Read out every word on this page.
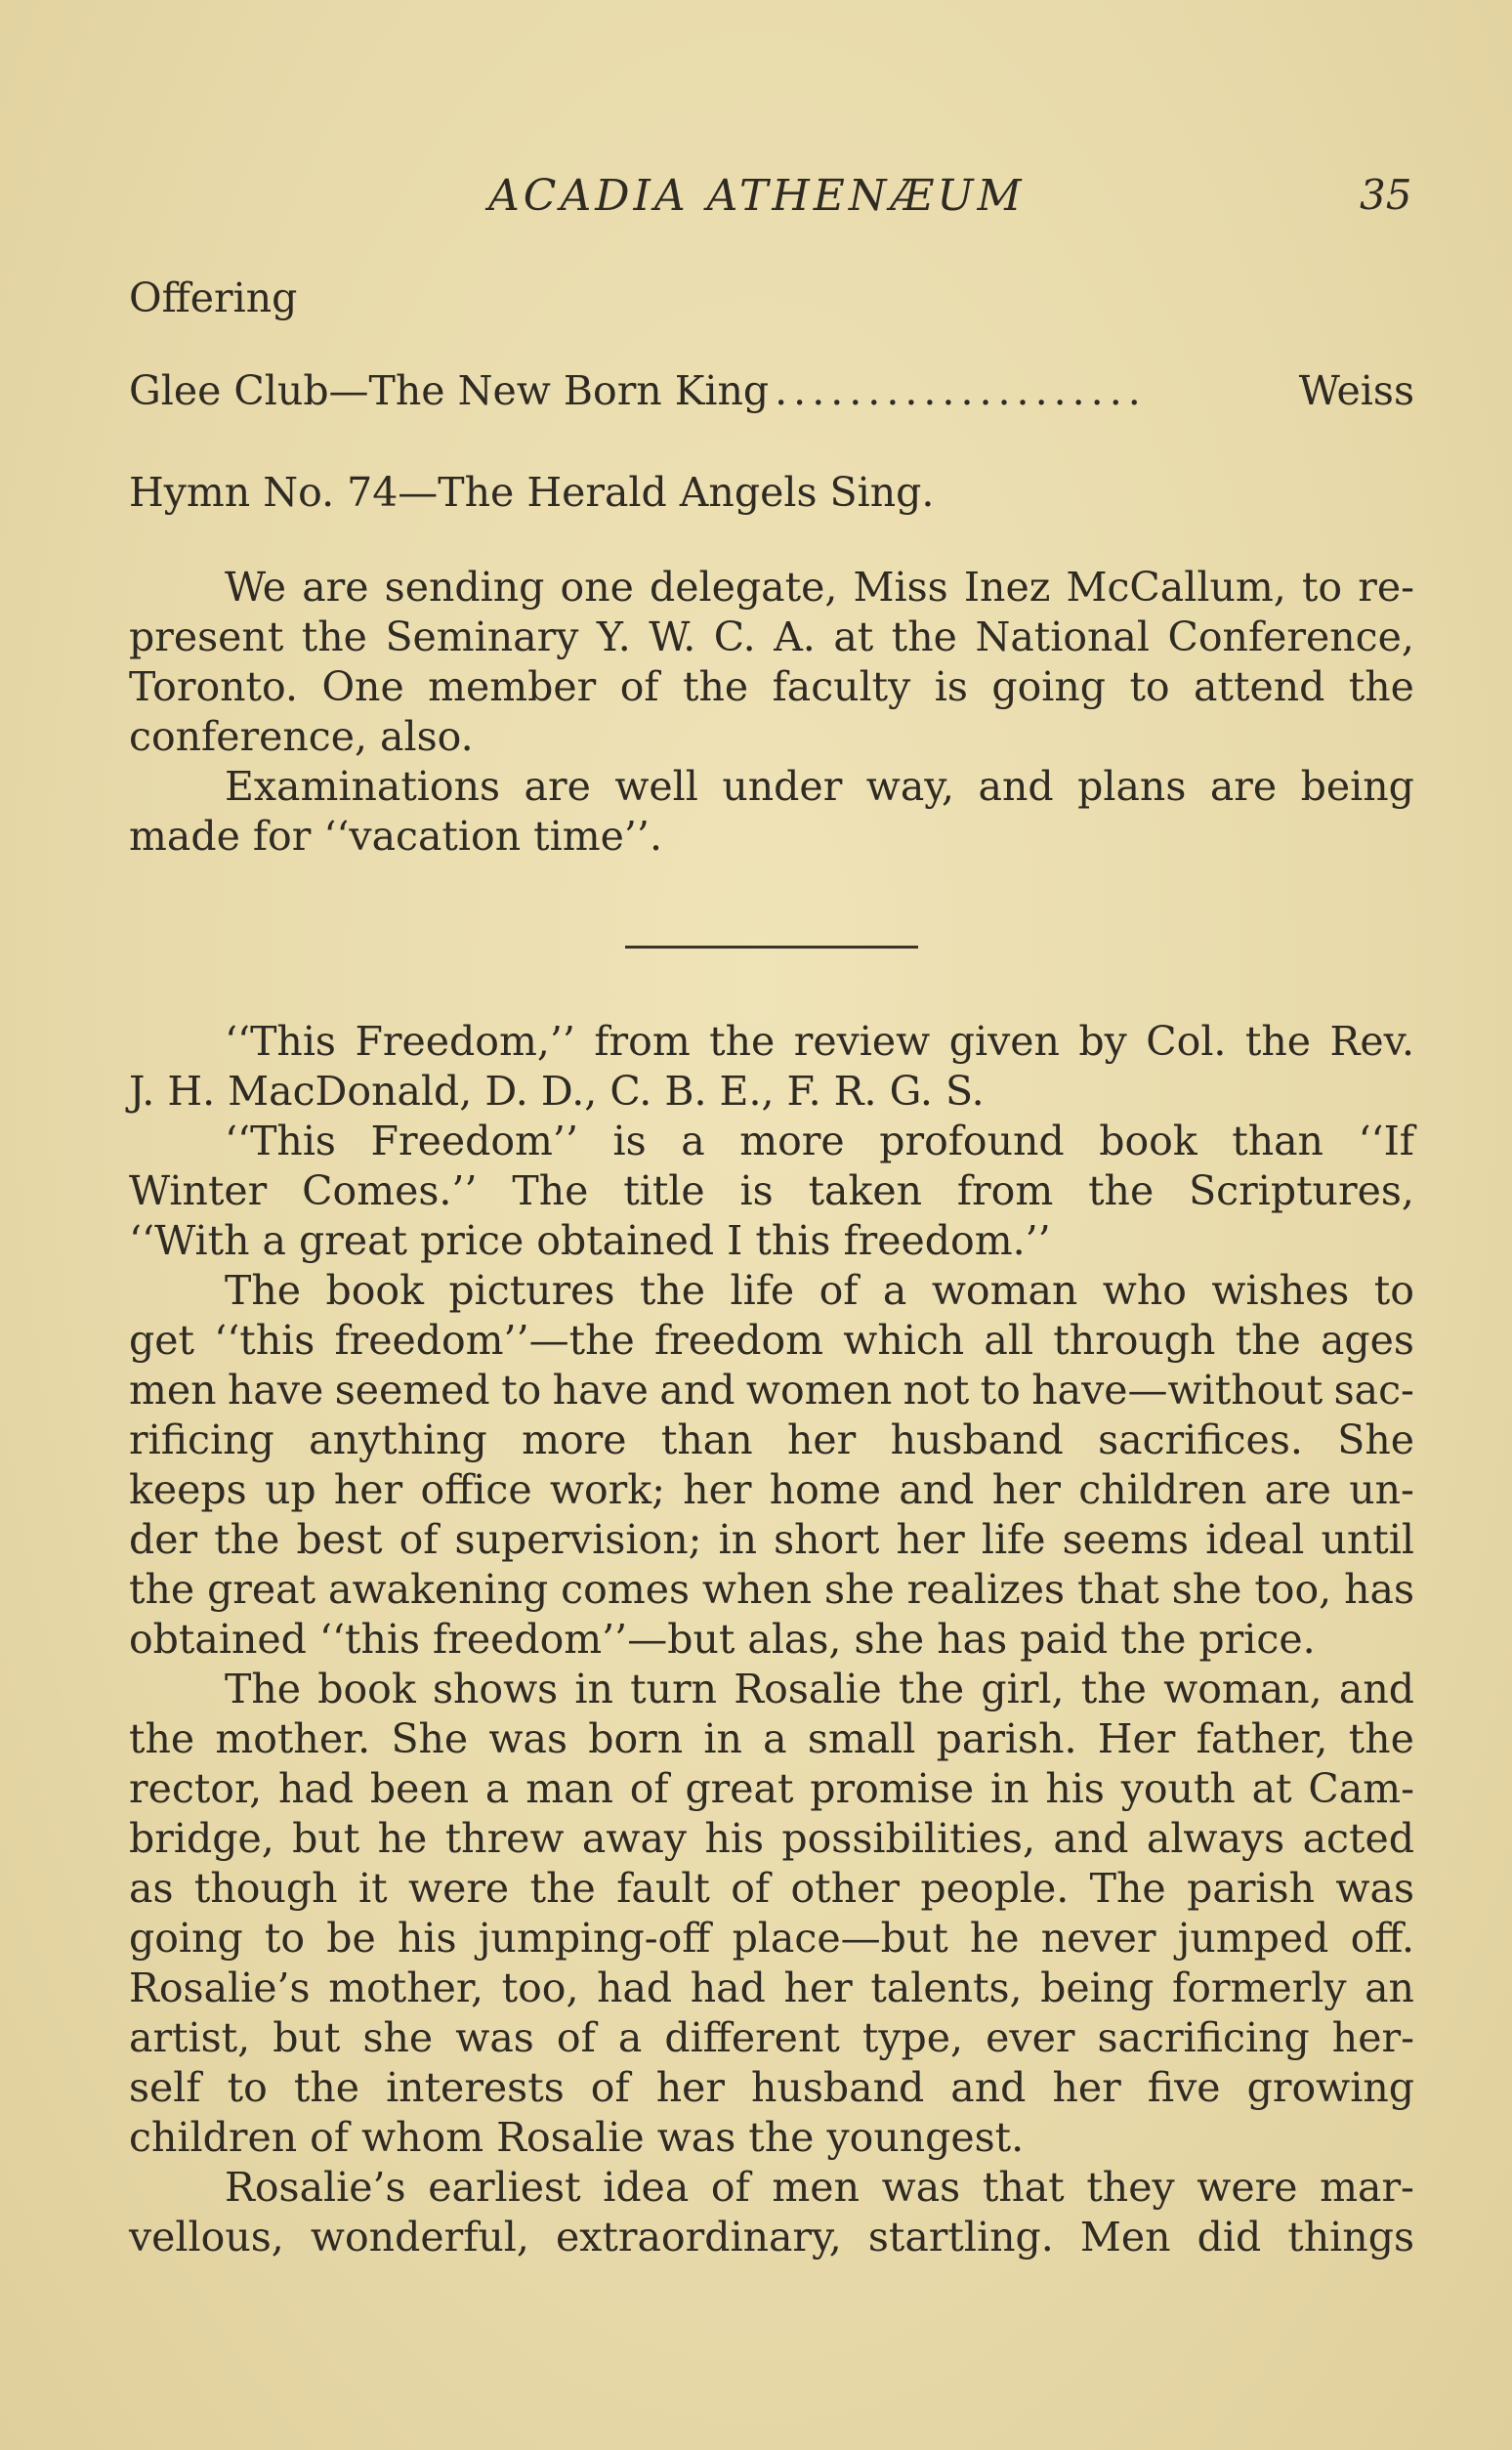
ACADIA ATHENÆUM	35
Offering
Glee Club—The New Born King ....................	Weiss
Hymn No. 74—The Herald Angels Sing.
We are sending one delegate, Miss Inez McCallum, to re-
present the Seminary Y. W. C. A. at the National Conference,
Toronto. One member of the faculty is going to attend the
conference, also.
Examinations are well under way, and plans are being
made for ‘‘vacation time’’.
‘‘This Freedom,’’ from the review given by Col. the Rev.
J. H. MacDonald, D. D., C. B. E., F. R. G. S.
‘‘This Freedom’’ is a more profound book than ‘‘If
Winter Comes.’’ The title is taken from the Scriptures,
‘‘With a great price obtained I this freedom.’’
The book pictures the life of a woman who wishes to
get ‘‘this freedom’’—the freedom which all through the ages
men have seemed to have and women not to have—without sac-
rificing anything more than her husband sacrifices. She
keeps up her office work; her home and her children are un-
der the best of supervision; in short her life seems ideal until
the great awakening comes when she realizes that she too, has
obtained ‘‘this freedom’’—but alas, she has paid the price.
The book shows in turn Rosalie the girl, the woman, and
the mother. She was born in a small parish. Her father, the
rector, had been a man of great promise in his youth at Cam-
bridge, but he threw away his possibilities, and always acted
as though it were the fault of other people. The parish was
going to be his jumping-off place—but he never jumped off.
Rosalie’s mother, too, had had her talents, being formerly an
artist, but she was of a different type, ever sacrificing her-
self to the interests of her husband and her five growing
children of whom Rosalie was the youngest.
Rosalie’s earliest idea of men was that they were mar-
vellous, wonderful, extraordinary, startling. Men did things
